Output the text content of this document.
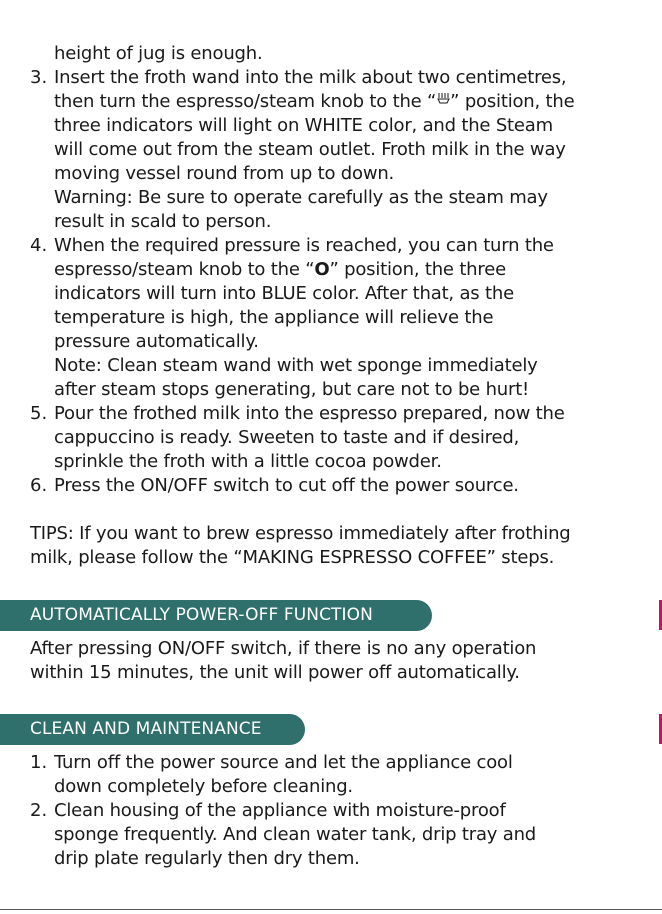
height of jug is enough.
3. Insert the froth wand into the milk about two centimetres,
then turn the espresso/steam knob to the “ ” position, the
three indicators will light on WHITE color, and the Steam
will come out from the steam outlet. Froth milk in the way
moving vessel round from up to down.
Warning: Be sure to operate carefully as the steam may
result in scald to person.
4. When the required pressure is reached, you can turn the
espresso/steam knob to the “O” position, the three
indicators will turn into BLUE color. After that, as the
temperature is high, the appliance will relieve the
pressure automatically.
Note: Clean steam wand with wet sponge immediately
after steam stops generating, but care not to be hurt!
5. Pour the frothed milk into the espresso prepared, now the
cappuccino is ready. Sweeten to taste and if desired,
sprinkle the froth with a little cocoa powder.
6. Press the ON/OFF switch to cut off the power source.
TIPS: If you want to brew espresso immediately after frothing
milk, please follow the “MAKING ESPRESSO COFFEE” steps.
AUTOMATICALLY POWER-OFF FUNCTION
After pressing ON/OFF switch, if there is no any operation
within 15 minutes, the unit will power off automatically.
CLEAN AND MAINTENANCE
1. Turn off the power source and let the appliance cool
down completely before cleaning.
2. Clean housing of the appliance with moisture-proof
sponge frequently. And clean water tank, drip tray and
drip plate regularly then dry them.
